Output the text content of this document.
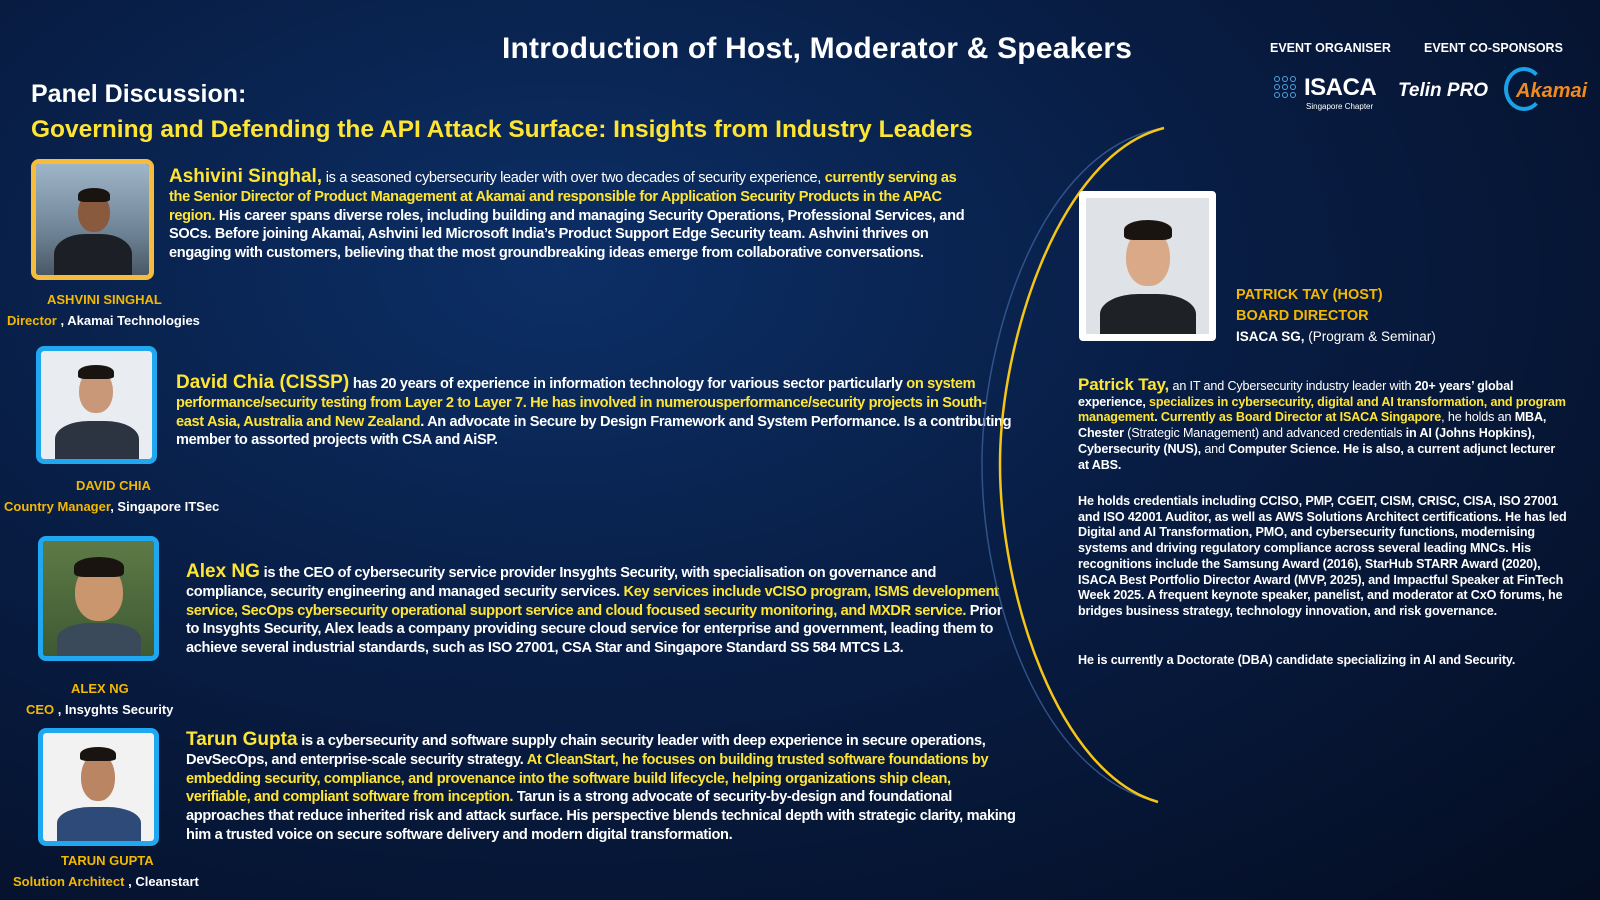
Introduction of Host, Moderator & Speakers	EVENT ORGANISER	EVENT CO-SPONSORS
ISACA
Singapore Chapter
Telin PRO Akamai
Panel Discussion:
Governing and Defending the API Attack Surface: Insights from Industry Leaders
ASHVINI SINGHAL
Director , Akamai Technologies
Ashivini Singhal, is a seasoned cybersecurity leader with over two decades of security experience, currently serving as the Senior Director of Product Management at Akamai and responsible for Application Security Products in the APAC region. His career spans diverse roles, including building and managing Security Operations, Professional Services, and SOCs. Before joining Akamai, Ashvini led Microsoft India’s Product Support Edge Security team. Ashvini thrives on engaging with customers, believing that the most groundbreaking ideas emerge from collaborative conversations.
DAVID CHIA
Country Manager, Singapore ITSec
David Chia (CISSP) has 20 years of experience in information technology for various sector particularly on system performance/security testing from Layer 2 to Layer 7. He has involved in numerousperformance/security projects in South-east Asia, Australia and New Zealand. An advocate in Secure by Design Framework and System Performance. Is a contributing member to assorted projects with CSA and AiSP.
ALEX NG
CEO , Insyghts Security
Alex NG is the CEO of cybersecurity service provider Insyghts Security, with specialisation on governance and compliance, security engineering and managed security services. Key services include vCISO program, ISMS development service, SecOps cybersecurity operational support service and cloud focused security monitoring, and MXDR service. Prior to Insyghts Security, Alex leads a company providing secure cloud service for enterprise and government, leading them to achieve several industrial standards, such as ISO 27001, CSA Star and Singapore Standard SS 584 MTCS L3.
TARUN GUPTA
Solution Architect , Cleanstart
Tarun Gupta is a cybersecurity and software supply chain security leader with deep experience in secure operations, DevSecOps, and enterprise-scale security strategy. At CleanStart, he focuses on building trusted software foundations by embedding security, compliance, and provenance into the software build lifecycle, helping organizations ship clean, verifiable, and compliant software from inception. Tarun is a strong advocate of security-by-design and foundational approaches that reduce inherited risk and attack surface. His perspective blends technical depth with strategic clarity, making him a trusted voice on secure software delivery and modern digital transformation.
PATRICK TAY (HOST)
BOARD DIRECTOR
ISACA SG, (Program & Seminar)
Patrick Tay, an IT and Cybersecurity industry leader with 20+ years’ global experience, specializes in cybersecurity, digital and AI transformation, and program management. Currently as Board Director at ISACA Singapore, he holds an MBA, Chester (Strategic Management) and advanced credentials in AI (Johns Hopkins), Cybersecurity (NUS), and Computer Science. He is also, a current adjunct lecturer at ABS.
He holds credentials including CCISO, PMP, CGEIT, CISM, CRISC, CISA, ISO 27001 and ISO 42001 Auditor, as well as AWS Solutions Architect certifications. He has led Digital and AI Transformation, PMO, and cybersecurity functions, modernising systems and driving regulatory compliance across several leading MNCs. His recognitions include the Samsung Award (2016), StarHub STARR Award (2020), ISACA Best Portfolio Director Award (MVP, 2025), and Impactful Speaker at FinTech Week 2025. A frequent keynote speaker, panelist, and moderator at CxO forums, he bridges business strategy, technology innovation, and risk governance.
He is currently a Doctorate (DBA) candidate specializing in AI and Security.
